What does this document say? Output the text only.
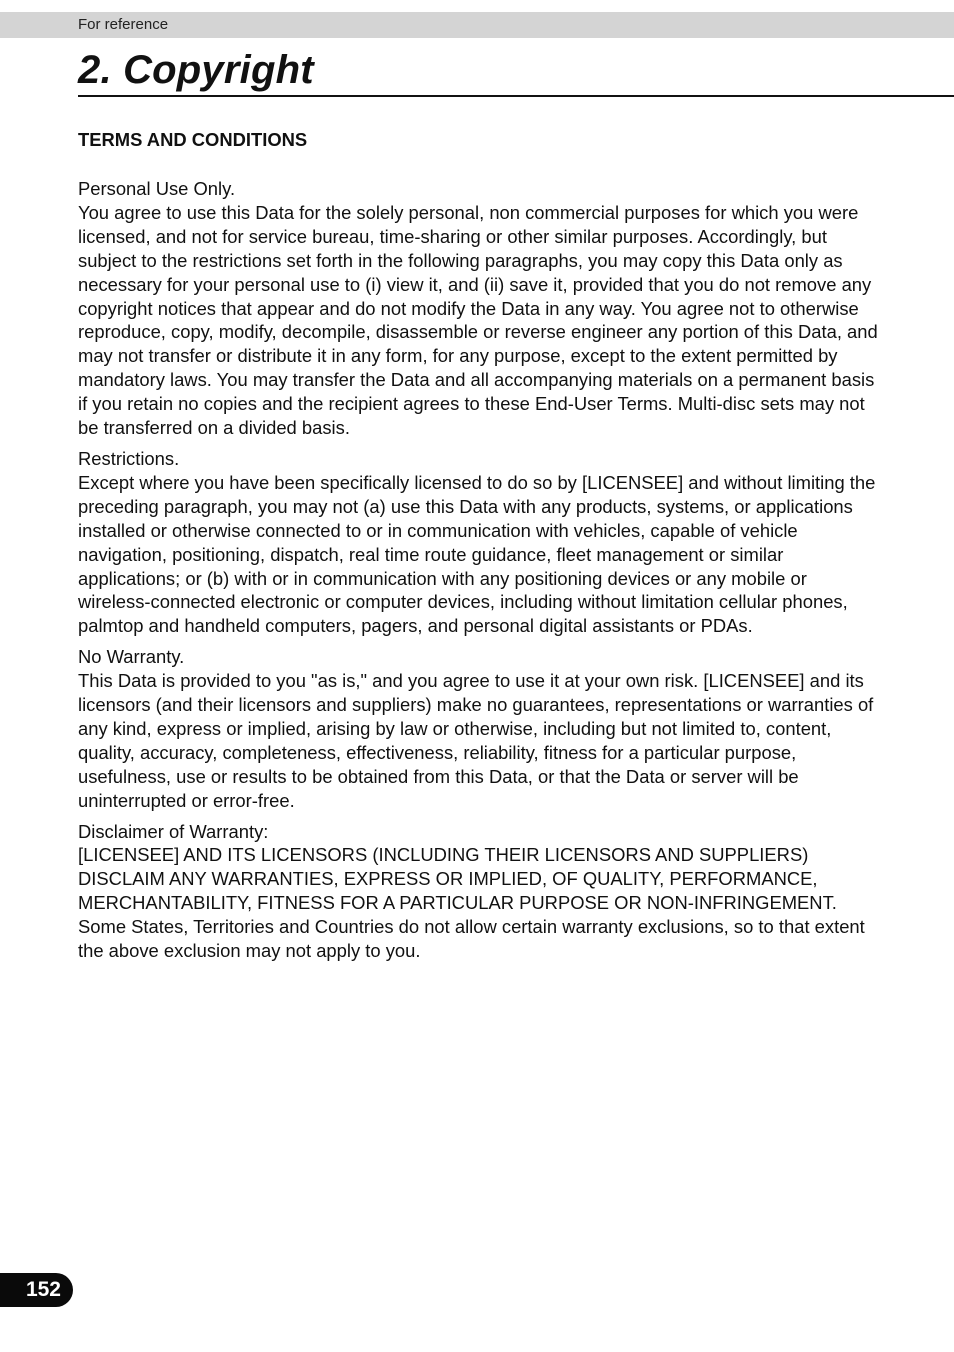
For reference
2. Copyright
TERMS AND CONDITIONS
Personal Use Only.
You agree to use this Data for the solely personal, non commercial purposes for which you were licensed, and not for service bureau, time-sharing or other similar purposes. Accordingly, but subject to the restrictions set forth in the following paragraphs, you may copy this Data only as necessary for your personal use to (i) view it, and (ii) save it, provided that you do not remove any copyright notices that appear and do not modify the Data in any way. You agree not to otherwise reproduce, copy, modify, decompile, disassemble or reverse engineer any portion of this Data, and may not transfer or distribute it in any form, for any purpose, except to the extent permitted by mandatory laws. You may transfer the Data and all accompanying materials on a permanent basis if you retain no copies and the recipient agrees to these End-User Terms. Multi-disc sets may not be transferred on a divided basis.
Restrictions.
Except where you have been specifically licensed to do so by [LICENSEE] and without limiting the preceding paragraph, you may not (a) use this Data with any products, systems, or applications installed or otherwise connected to or in communication with vehicles, capable of vehicle navigation, positioning, dispatch, real time route guidance, fleet management or similar applications; or (b) with or in communication with any positioning devices or any mobile or wireless-connected electronic or computer devices, including without limitation cellular phones, palmtop and handheld computers, pagers, and personal digital assistants or PDAs.
No Warranty.
This Data is provided to you "as is," and you agree to use it at your own risk. [LICENSEE] and its licensors (and their licensors and suppliers) make no guarantees, representations or warranties of any kind, express or implied, arising by law or otherwise, including but not limited to, content, quality, accuracy, completeness, effectiveness, reliability, fitness for a particular purpose, usefulness, use or results to be obtained from this Data, or that the Data or server will be uninterrupted or error-free.
Disclaimer of Warranty:
[LICENSEE] AND ITS LICENSORS (INCLUDING THEIR LICENSORS AND SUPPLIERS) DISCLAIM ANY WARRANTIES, EXPRESS OR IMPLIED, OF QUALITY, PERFORMANCE, MERCHANTABILITY, FITNESS FOR A PARTICULAR PURPOSE OR NON-INFRINGEMENT. Some States, Territories and Countries do not allow certain warranty exclusions, so to that extent the above exclusion may not apply to you.
152
